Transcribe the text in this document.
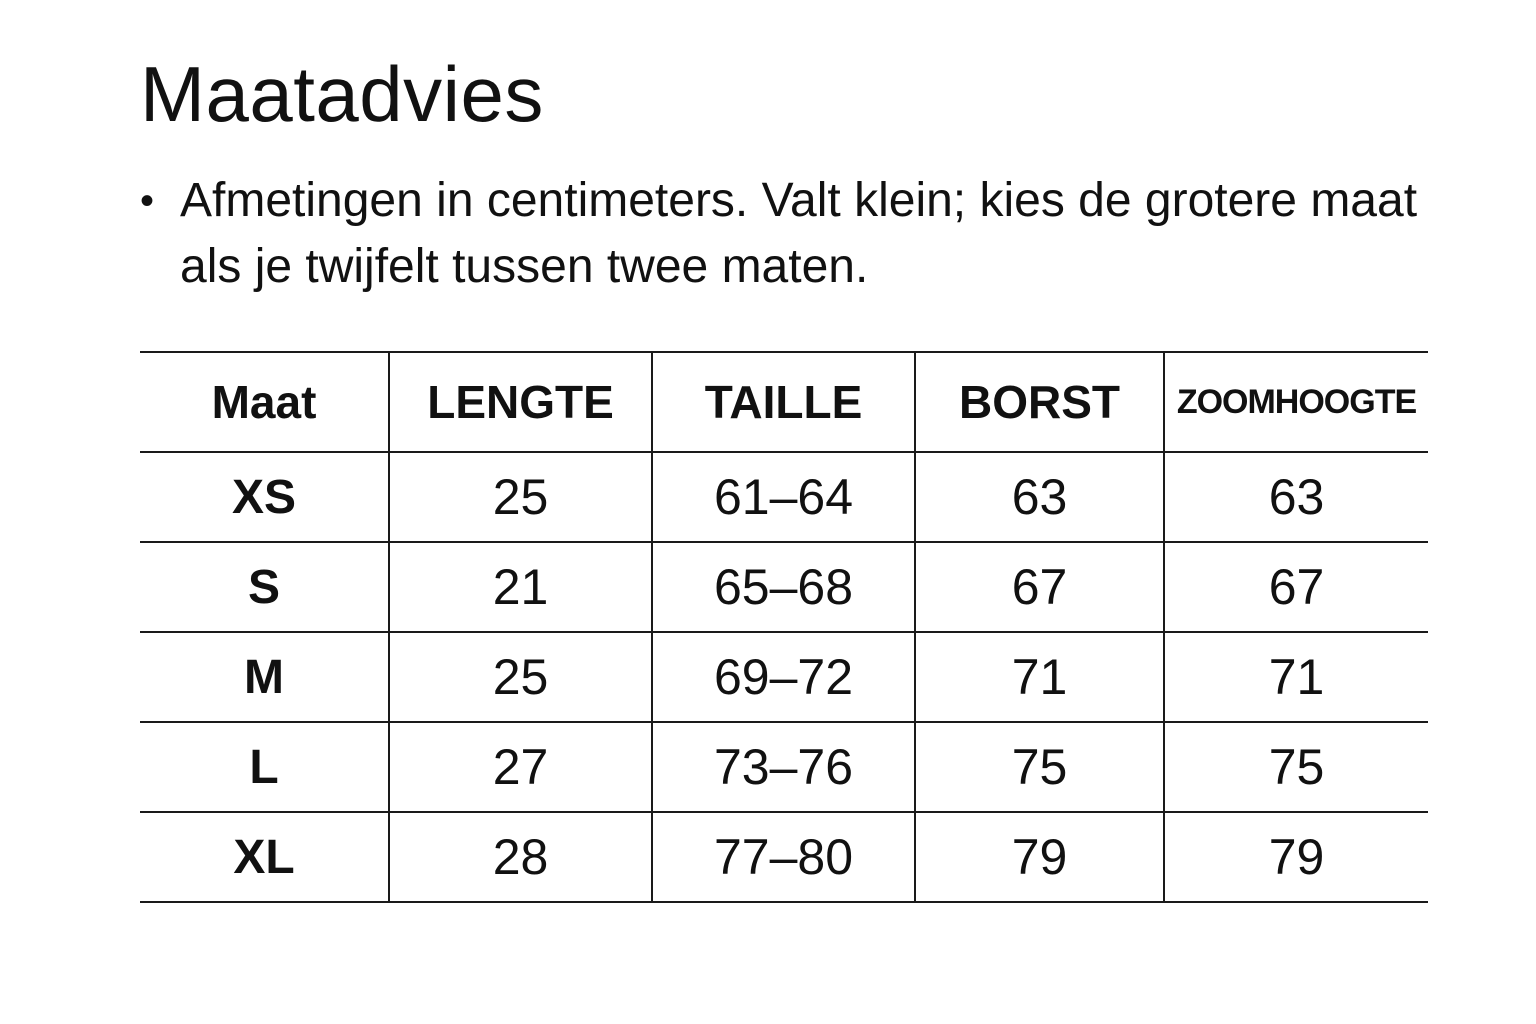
Maatadvies
• Afmetingen in centimeters. Valt klein; kies de grotere maat als je twijfelt tussen twee maten.
Maat	LENGTE	TAILLE	BORST	ZOOMHOOGTE
XS	25	61–64	63	63
S	21	65–68	67	67
M	25	69–72	71	71
L	27	73–76	75	75
XL	28	77–80	79	79
